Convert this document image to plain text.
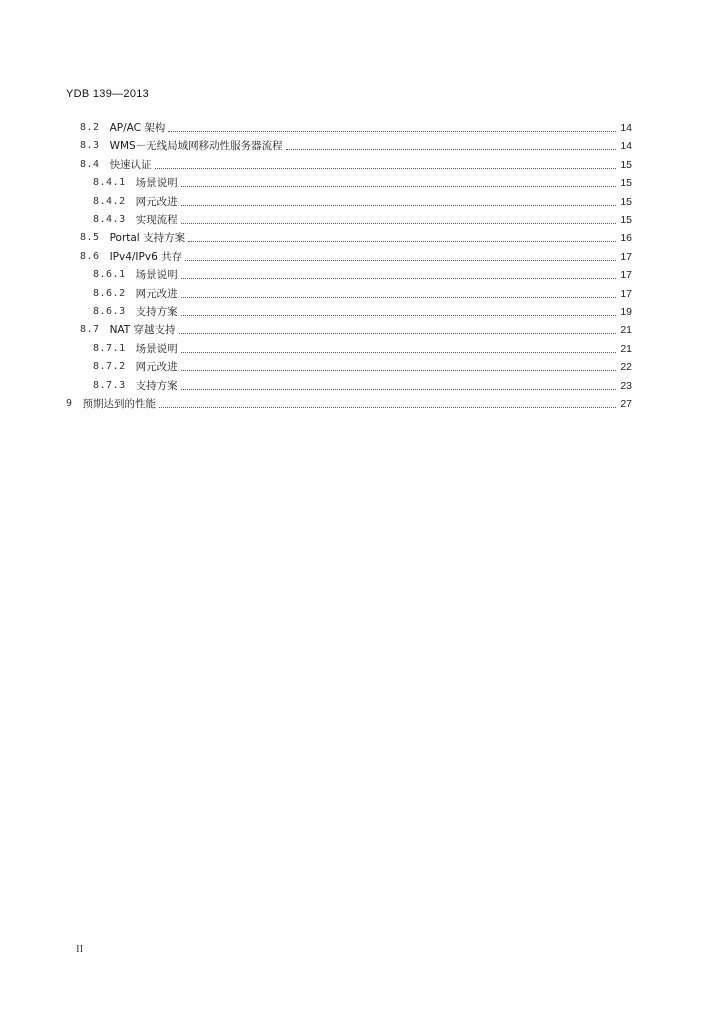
YDB 139—2013
8.2 AP/AC 架构	14
8.3 WMS－无线局域网移动性服务器流程	14
8.4 快速认证	15
8.4.1 场景说明	15
8.4.2 网元改进	15
8.4.3 实现流程	15
8.5 Portal 支持方案	16
8.6 IPv4/IPv6 共存	17
8.6.1 场景说明	17
8.6.2 网元改进	17
8.6.3 支持方案	19
8.7 NAT 穿越支持	21
8.7.1 场景说明	21
8.7.2 网元改进	22
8.7.3 支持方案	23
9 预期达到的性能	27
II
